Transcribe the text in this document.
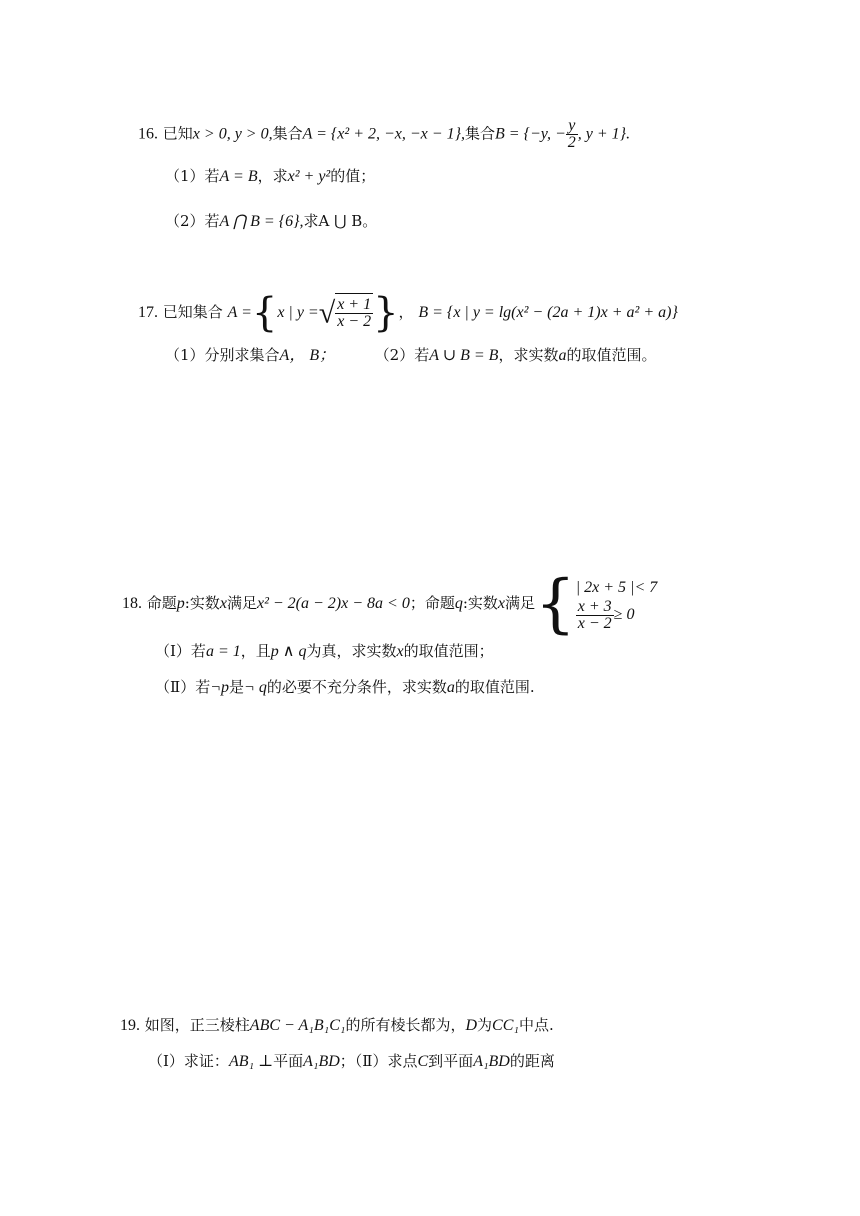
16. 已知x > 0, y > 0,集合A = {x² + 2, −x, −x − 1},集合B = {−y, − $\frac{y}{2}$ , y + 1}.
（1）若A = B，求x² + y²的值；
（2）若A ⋂ B = {6},求A ⋃ B。
17. 已知集合 A ={x | y =√ $\frac{x + 1}{x - 2}$ }， B = {x | y = lg(x² − (2a + 1)x + a² + a)}
（1）分别求集合A， B；	（2）若A ∪ B = B，求实数a的取值范围。
18. 命题p:实数x满足x² − 2(a − 2)x − 8a < 0；命题q:实数x满足{ | 2x + 5 |< 7
$\frac{x + 3}{x - 2} \ge 0$
（Ⅰ）若a = 1，且p ∧ q为真，求实数x的取值范围；
（Ⅱ）若¬p是¬ q的必要不充分条件，求实数a的取值范围.
19. 如图，正三棱柱ABC − A₁B₁C₁的所有棱长都为，D为CC₁中点.
（Ⅰ）求证：AB₁ ⊥平面A₁BD；（Ⅱ）求点C到平面A₁BD的距离
